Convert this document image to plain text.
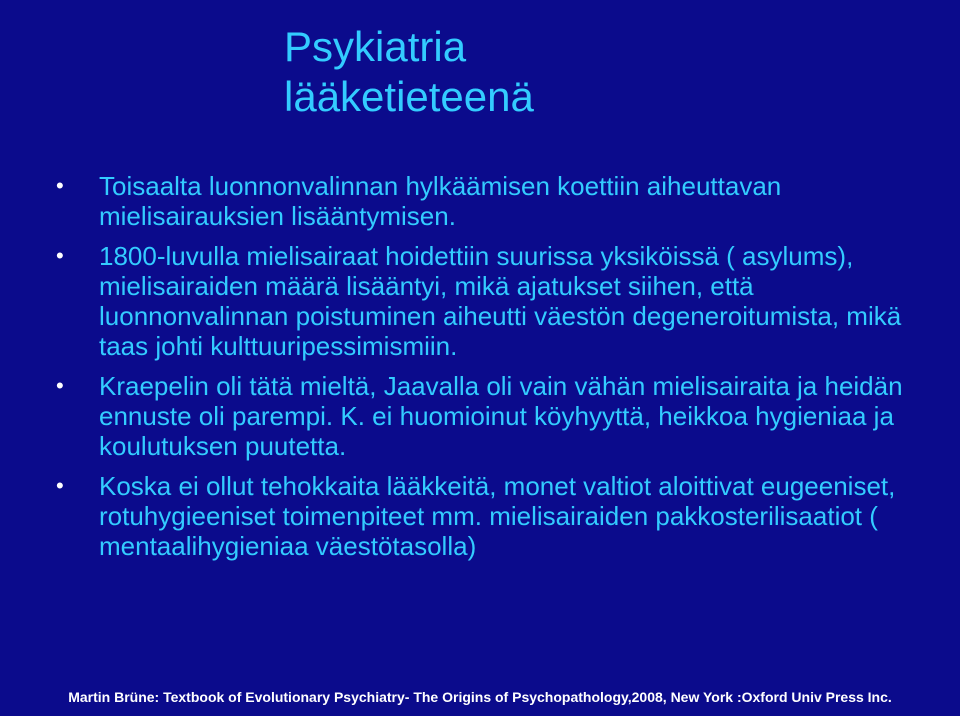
Psykiatria
lääketieteenä
• Toisaalta luonnonvalinnan hylkäämisen koettiin aiheuttavan mielisairauksien lisääntymisen.
• 1800-luvulla mielisairaat hoidettiin suurissa yksiköissä ( asylums), mielisairaiden määrä lisääntyi, mikä ajatukset siihen, että luonnonvalinnan poistuminen aiheutti väestön degeneroitumista, mikä taas johti kulttuuripessimismiin.
• Kraepelin oli tätä mieltä, Jaavalla oli vain vähän mielisairaita ja heidän ennuste oli parempi. K. ei huomioinut köyhyyttä, heikkoa hygieniaa ja koulutuksen puutetta.
• Koska ei ollut tehokkaita lääkkeitä, monet valtiot aloittivat eugeeniset, rotuhygieeniset toimenpiteet mm. mielisairaiden pakkosterilisaatiot ( mentaalihygieniaa väestötasolla)
Martin Brüne: Textbook of Evolutionary Psychiatry- The Origins of Psychopathology,2008, New York :Oxford Univ Press Inc.
